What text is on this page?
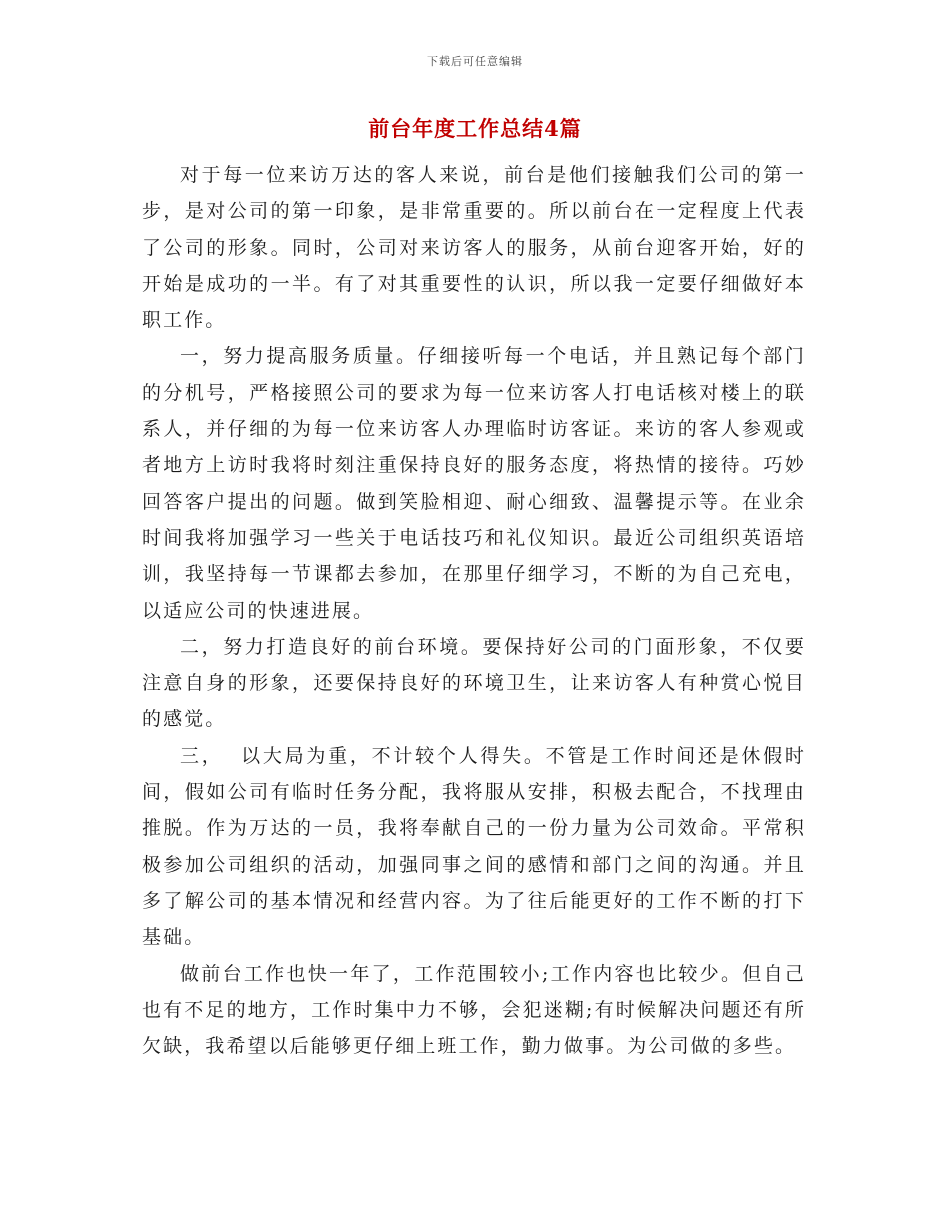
下载后可任意编辑
前台年度工作总结4篇

对于每一位来访万达的客人来说，前台是他们接触我们公司的第一步，是对公司的第一印象，是非常重要的。所以前台在一定程度上代表了公司的形象。同时，公司对来访客人的服务，从前台迎客开始，好的开始是成功的一半。有了对其重要性的认识，所以我一定要仔细做好本职工作。

一，努力提高服务质量。仔细接听每一个电话，并且熟记每个部门的分机号，严格接照公司的要求为每一位来访客人打电话核对楼上的联系人，并仔细的为每一位来访客人办理临时访客证。来访的客人参观或者地方上访时我将时刻注重保持良好的服务态度，将热情的接待。巧妙回答客户提出的问题。做到笑脸相迎、耐心细致、温馨提示等。在业余时间我将加强学习一些关于电话技巧和礼仪知识。最近公司组织英语培训，我坚持每一节课都去参加，在那里仔细学习，不断的为自己充电，以适应公司的快速进展。

二，努力打造良好的前台环境。要保持好公司的门面形象，不仅要注意自身的形象，还要保持良好的环境卫生，让来访客人有种赏心悦目的感觉。

三，  以大局为重，不计较个人得失。不管是工作时间还是休假时间，假如公司有临时任务分配，我将服从安排，积极去配合，不找理由推脱。作为万达的一员，我将奉献自己的一份力量为公司效命。平常积极参加公司组织的活动，加强同事之间的感情和部门之间的沟通。并且多了解公司的基本情况和经营内容。为了往后能更好的工作不断的打下基础。

做前台工作也快一年了，工作范围较小;工作内容也比较少。但自己也有不足的地方，工作时集中力不够，会犯迷糊;有时候解决问题还有所欠缺，我希望以后能够更仔细上班工作，勤力做事。为公司做的多些。
